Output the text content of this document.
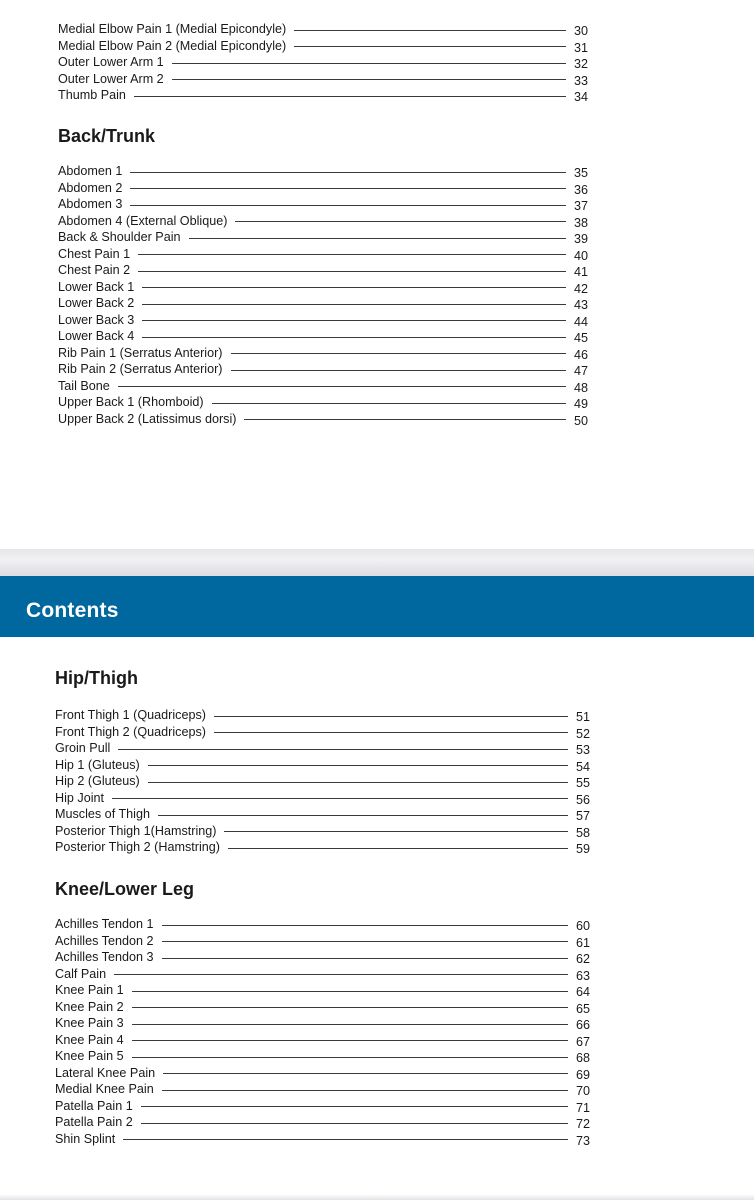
Medial Elbow Pain 1 (Medial Epicondyle)	30
Medial Elbow Pain 2 (Medial Epicondyle)	31
Outer Lower Arm 1	32
Outer Lower Arm 2	33
Thumb Pain	34
Back/Trunk
Abdomen 1	35
Abdomen 2	36
Abdomen 3	37
Abdomen 4 (External Oblique)	38
Back & Shoulder Pain	39
Chest Pain 1	40
Chest Pain 2	41
Lower Back 1	42
Lower Back 2	43
Lower Back 3	44
Lower Back 4	45
Rib Pain 1 (Serratus Anterior)	46
Rib Pain 2 (Serratus Anterior)	47
Tail Bone	48
Upper Back 1 (Rhomboid)	49
Upper Back 2 (Latissimus dorsi)	50
Contents
Hip/Thigh
Front Thigh 1 (Quadriceps)	51
Front Thigh 2 (Quadriceps)	52
Groin Pull	53
Hip 1 (Gluteus)	54
Hip 2 (Gluteus)	55
Hip Joint	56
Muscles of Thigh	57
Posterior Thigh 1(Hamstring)	58
Posterior Thigh 2 (Hamstring)	59
Knee/Lower Leg
Achilles Tendon 1	60
Achilles Tendon 2	61
Achilles Tendon 3	62
Calf Pain	63
Knee Pain 1	64
Knee Pain 2	65
Knee Pain 3	66
Knee Pain 4	67
Knee Pain 5	68
Lateral Knee Pain	69
Medial Knee Pain	70
Patella Pain 1	71
Patella Pain 2	72
Shin Splint	73
